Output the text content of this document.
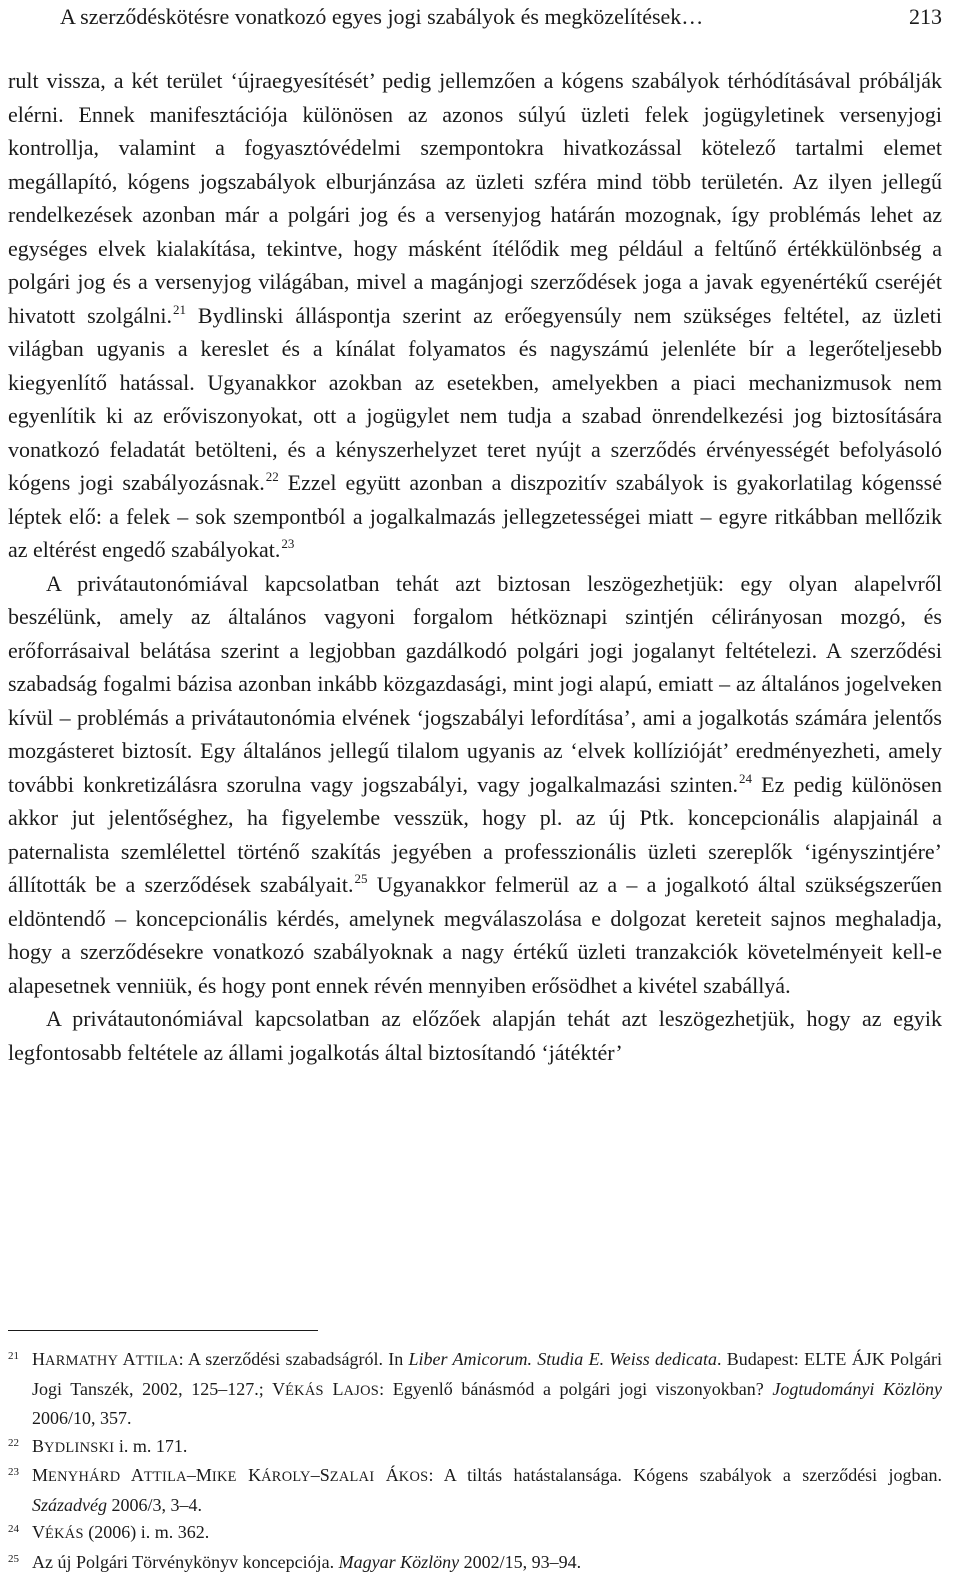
A szerződéskötésre vonatkozó egyes jogi szabályok és megközelítések…	213

rult vissza, a két terület ‘újraegyesítését’ pedig jellemzően a kógens szabályok térhódításával próbálják elérni. Ennek manifesztációja különösen az azonos súlyú üzleti felek jogügyletinek versenyjogi kontrollja, valamint a fogyasztóvédelmi szempontokra hivatkozással kötelező tartalmi elemet megállapító, kógens jogszabályok elburjánzása az üzleti szféra mind több területén. Az ilyen jellegű rendelkezések azonban már a polgári jog és a versenyjog határán mozognak, így problémás lehet az egységes elvek kialakítása, tekintve, hogy másként ítélődik meg például a feltűnő értékkülönbség a polgári jog és a versenyjog világában, mivel a magánjogi szerződések joga a javak egyenértékű cseréjét hivatott szolgálni.$^{21}$ Bydlinski álláspontja szerint az erőegyensúly nem szükséges feltétel, az üzleti világban ugyanis a kereslet és a kínálat folyamatos és nagyszámú jelenléte bír a legerőteljesebb kiegyenlítő hatással. Ugyanakkor azokban az esetekben, amelyekben a piaci mechanizmusok nem egyenlítik ki az erőviszonyokat, ott a jogügylet nem tudja a szabad önrendelkezési jog biztosítására vonatkozó feladatát betölteni, és a kényszerhelyzet teret nyújt a szerződés érvényességét befolyásoló kógens jogi szabályozásnak.$^{22}$ Ezzel együtt azonban a diszpozitív szabályok is gyakorlatilag kógenssé léptek elő: a felek – sok szempontból a jogalkalmazás jellegzetességei miatt – egyre ritkábban mellőzik az eltérést engedő szabályokat.$^{23}$

A privátautonómiával kapcsolatban tehát azt biztosan leszögezhetjük: egy olyan alapelvről beszélünk, amely az általános vagyoni forgalom hétköznapi szintjén célirányosan mozgó, és erőforrásaival belátása szerint a legjobban gazdálkodó polgári jogi jogalanyt feltételezi. A szerződési szabadság fogalmi bázisa azonban inkább közgazdasági, mint jogi alapú, emiatt – az általános jogelveken kívül – problémás a privátautonómia elvének ‘jogszabályi lefordítása’, ami a jogalkotás számára jelentős mozgásteret biztosít. Egy általános jellegű tilalom ugyanis az ‘elvek kollízióját’ eredményezheti, amely további konkretizálásra szorulna vagy jogszabályi, vagy jogalkalmazási szinten.$^{24}$ Ez pedig különösen akkor jut jelentőséghez, ha figyelembe vesszük, hogy pl. az új Ptk. koncepcionális alapjainál a paternalista szemlélettel történő szakítás jegyében a professzionális üzleti szereplők ‘igényszintjére’ állították be a szerződések szabályait.$^{25}$ Ugyanakkor felmerül az a – a jogalkotó által szükségszerűen eldöntendő – koncepcionális kérdés, amelynek megválaszolása e dolgozat kereteit sajnos meghaladja, hogy a szerződésekre vonatkozó szabályoknak a nagy értékű üzleti tranzakciók követelményeit kell-e alapesetnek venniük, és hogy pont ennek révén mennyiben erősödhet a kivétel szabállyá.

A privátautonómiával kapcsolatban az előzőek alapján tehát azt leszögezhetjük, hogy az egyik legfontosabb feltétele az állami jogalkotás által biztosítandó ‘játéktér’

21 HARMATHY ATTILA: A szerződési szabadságról. In Liber Amicorum. Studia E. Weiss dedicata. Budapest: ELTE ÁJK Polgári Jogi Tanszék, 2002, 125–127.; VÉKÁS LAJOS: Egyenlő bánásmód a polgári jogi viszonyokban? Jogtudományi Közlöny 2006/10, 357.
22 BYDLINSKI i. m. 171.
23 MENYHÁRD ATTILA–MIKE KÁROLY–SZALAI ÁKOS: A tiltás hatástalansága. Kógens szabályok a szerződési jogban. Századvég 2006/3, 3–4.
24 VÉKÁS (2006) i. m. 362.
25 Az új Polgári Törvénykönyv koncepciója. Magyar Közlöny 2002/15, 93–94.
